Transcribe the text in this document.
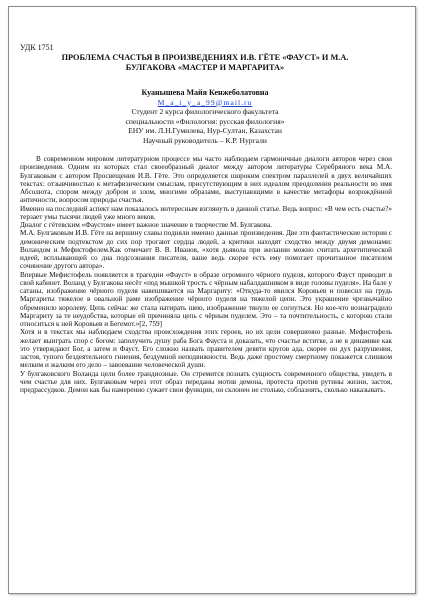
УДК 1751
ПРОБЛЕМА СЧАСТЬЯ В ПРОИЗВЕДЕНИЯХ И.В. ГЁТЕ «ФАУСТ» И М.А.
БУЛГАКОВА «МАСТЕР И МАРГАРИТА»
Куанышева Майя Кенжеболатовна
M_a_i_y_a_99@mail.ru
Студент 2 курса филологического факультета
специальности «Филология: русская филология»
ЕНУ им. Л.Н.Гумилева, Нур-Султан, Казахстан
Научный руководитель – К.Р. Нургали

В современном мировом литературном процессе мы часто наблюдаем гармоничные диалоги авторов через свои произведения. Одним из которых стал своеобразный диалог между автором литературы Серебряного века М.А. Булгаковым с автором Просвещения И.В. Гёте. Это определяется широким спектром параллелей в двух величайших текстах: отзывчивостью к метафизическим смыслам, присутствующим в них идеалом преодоления реальности во имя Абсолюта, спором между добром и злом, многими образами, выступающими в качестве метафоры возрождённой античности, вопросом природы счастья.

Именно на последний аспект нам показалось интересным взглянуть в данной статье. Ведь вопрос: «В чем есть счастье?» терзает умы тысячи людей уже много веков.

Диалог с гётевским «Фаустом» имеет важное значение в творчестве М. Булгакова.

М.А. Булгаковым И.В. Гёте на вершину славы подняли именно данные произведения. Две эти фантастические истории с демоническим подтекстом до сих пор трогают сердца людей, а критики находят сходство между двумя демонами: Воландом и Мефистофелем.Как отмечает В. В. Иванов, «хотя дьявола при желании можно считать архетипической идеей, всплывающей со дна подсознания писателя, ваше ведь скорее есть ему помогает прочитанное писателем сочинение другого автора».

Впервые Мефистофель появляется в трагедии «Фауст» в образе огромного чёрного пуделя, которого Фауст приводит в свой кабинет. Воланд у Булгакова несёт «под мышкой трость с чёрным набалдашником в виде головы пуделя». На бале у сатаны, изображение чёрного пуделя навешивается на Маргариту: «Откуда-то явился Коровьев и повесил на грудь Маргариты тяжелое в овальной раме изображение чёрного пуделя на тяжелой цепи. Это украшение чрезвычайно обременило королеву. Цепь сейчас же стала натирать шею, изображение тянуло ее согнуться. Но кое-что вознаградило Маргариту за те неудобства, которые ей причиняла цепь с чёрным пуделем. Это – та почтительность, с которою стали относиться к ней Коровьев и Бегемот.»[2, 759]

Хотя и в текстах мы наблюдаем сходства происхождения этих героев, но их цели совершенно разные. Мефистофель желает выиграть спор с богом: заполучить душу раба Бога Фауста и доказать, что счастье вститке, а не в динамике как это утверждают Бог, а затем и Фауст. Его сложно назвать правителем девяти кругов ада, скорее он дух разрушения, застоя, тупого бездеятельного гниения, бездумной неподвижности. Ведь даже простому смертному покажется слишком мелким и жалким его дело – завоевание человеческой души.

У булгаковского Воланда цели более грандиозные. Он стремится познать сущность современного общества, увидеть в чем счастье для них. Булгаковым через этот образ переданы мотив демона, протеста против рутины жизни, застоя, предрассудков. Демон как бы намеренно сужает свои функции, он склонен не столько, соблазнять, сколько наказывать.
